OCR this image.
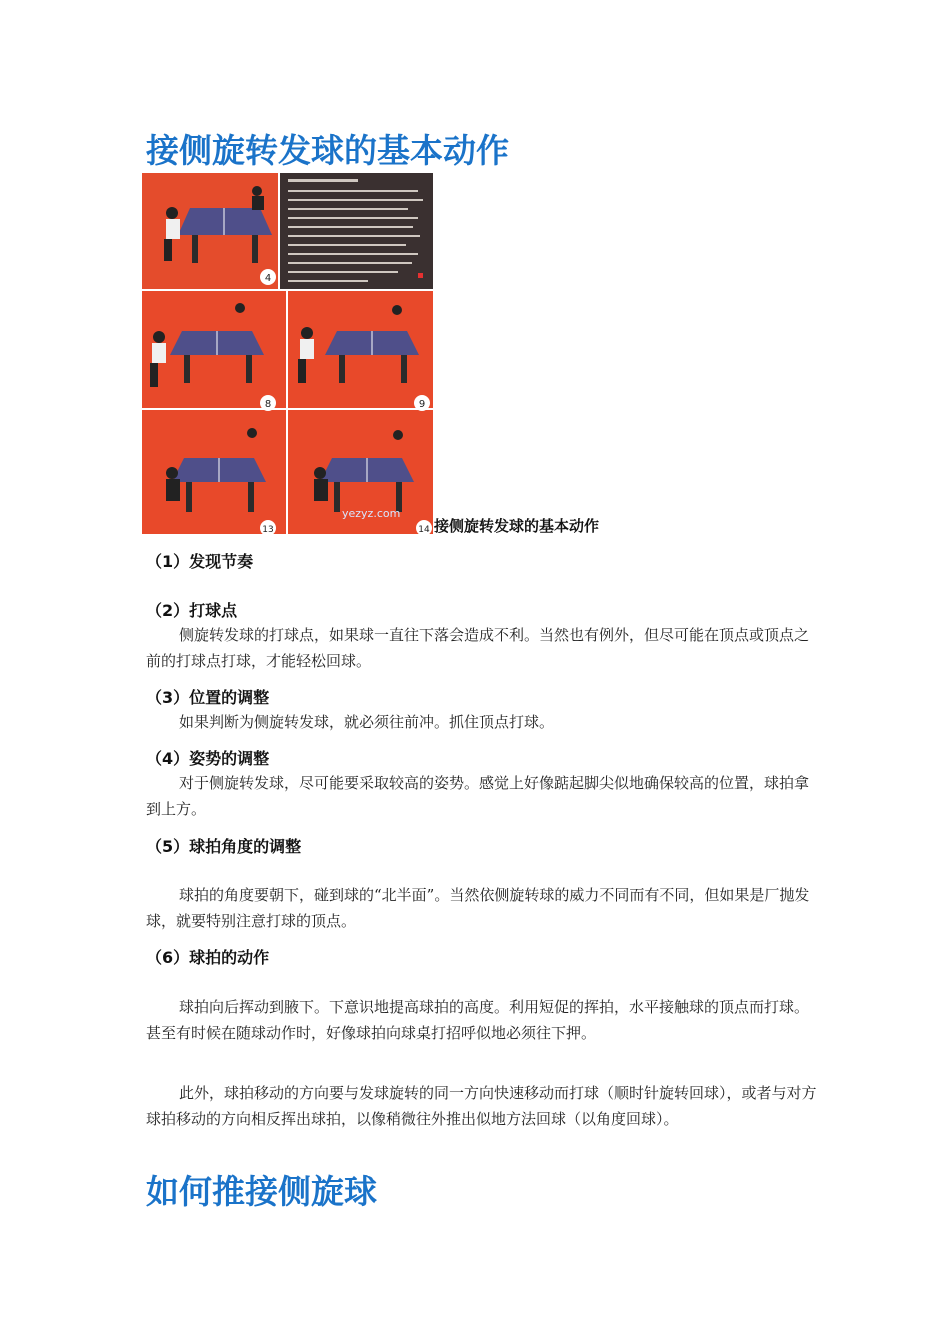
接侧旋转发球的基本动作
4
8	9
13	14
yezyz.com
接侧旋转发球的基本动作
（1）发现节奏
（2）打球点
侧旋转发球的打球点，如果球一直往下落会造成不利。当然也有例外，但尽可能在顶点或顶点之前的打球点打球，才能轻松回球。
（3）位置的调整
如果判断为侧旋转发球，就必须往前冲。抓住顶点打球。
（4）姿势的调整
对于侧旋转发球，尽可能要采取较高的姿势。感觉上好像踮起脚尖似地确保较高的位置，球拍拿到上方。
（5）球拍角度的调整
球拍的角度要朝下，碰到球的“北半面”。当然依侧旋转球的威力不同而有不同，但如果是厂抛发球，就要特别注意打球的顶点。
（6）球拍的动作
球拍向后挥动到腋下。下意识地提高球拍的高度。利用短促的挥拍，水平接触球的顶点而打球。甚至有时候在随球动作时，好像球拍向球桌打招呼似地必须往下押。
此外，球拍移动的方向要与发球旋转的同一方向快速移动而打球（顺时针旋转回球），或者与对方球拍移动的方向相反挥出球拍，以像稍微往外推出似地方法回球（以角度回球）。
如何推接侧旋球
